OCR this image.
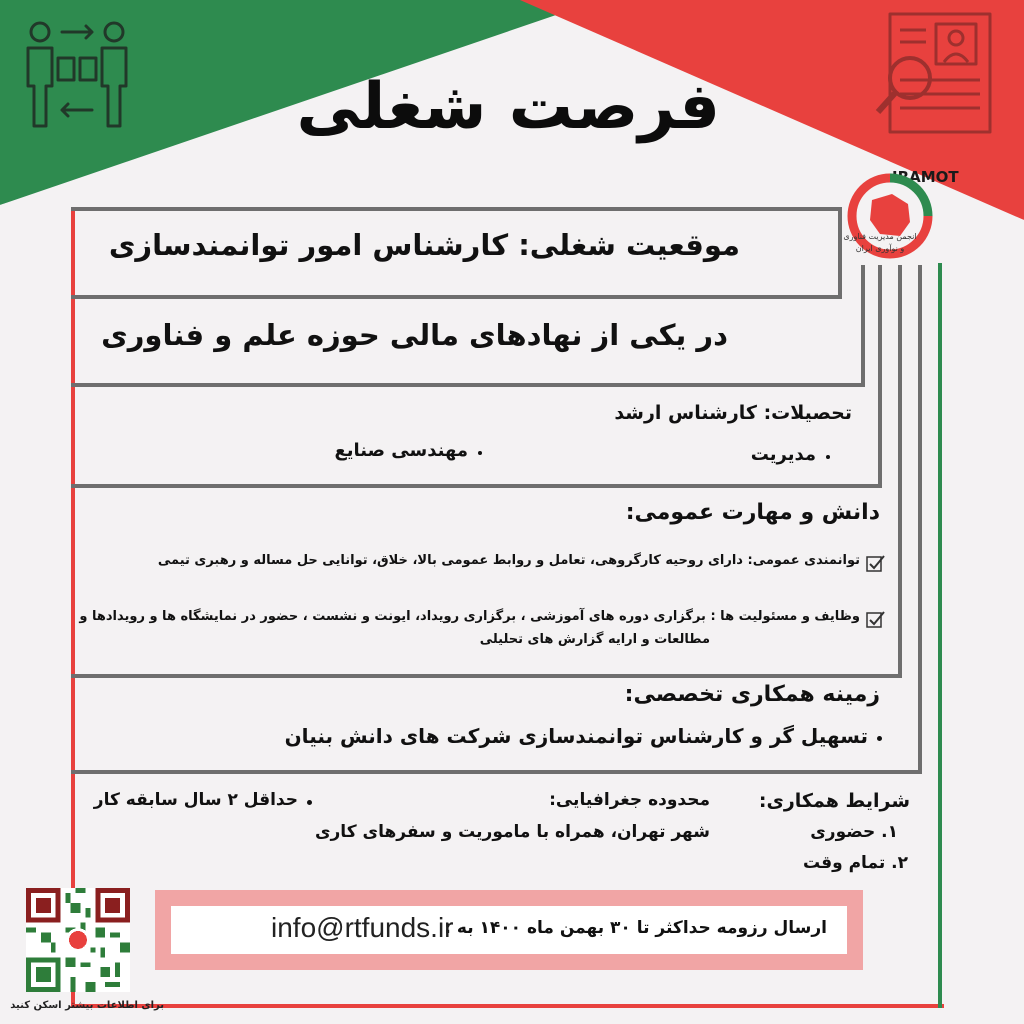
فرصت شغلی
IRAMOT
انجمن مدیریت فناوری
و نوآوری ایران
موقعیت شغلی: کارشناس امور توانمندسازی
در یکی از نهادهای مالی حوزه علم و فناوری
تحصیلات: کارشناس ارشد
مدیریت
مهندسی صنایع
دانش و مهارت عمومی:
توانمندی عمومی: دارای روحیه کارگروهی، تعامل و روابط عمومی بالا، خلاق، توانایی حل مساله و رهبری تیمی
وظایف و مسئولیت ها : برگزاری دوره های آموزشی ، برگزاری رویداد، ایونت و نشست ، حضور در نمایشگاه ها و رویدادها و
مطالعات و ارایه گزارش های تحلیلی
زمینه همکاری تخصصی:
تسهیل گر و کارشناس توانمندسازی شرکت های دانش بنیان
شرایط همکاری:
۱. حضوری
۲. تمام وقت
محدوده جغرافیایی:
شهر تهران، همراه با ماموریت و سفرهای کاری
حداقل ۲ سال سابقه کار
ارسال رزومه حداکثر تا ۳۰ بهمن ماه ۱۴۰۰ به :
info@rtfunds.ir
برای اطلاعات بیشتر اسکن کنید
